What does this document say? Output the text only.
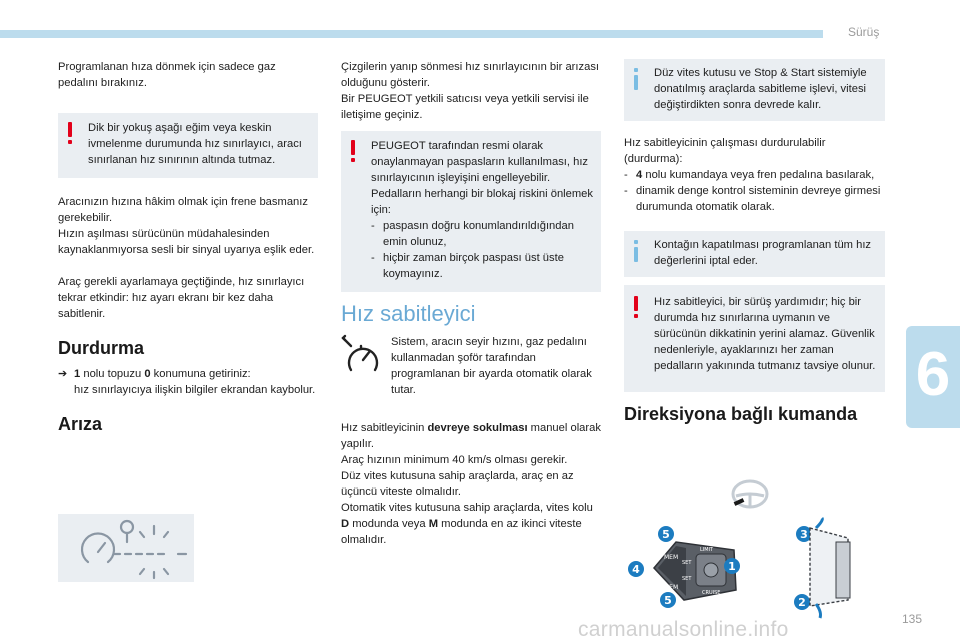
Sürüş
6

Programlanan hıza dönmek için sadece gaz pedalını bırakınız.

Dik bir yokuş aşağı eğim veya keskin ivmelenme durumunda hız sınırlayıcı, aracı sınırlanan hız sınırının altında tutmaz.

Aracınızın hızına hâkim olmak için frene basmanız gerekebilir.

Hızın aşılması sürücünün müdahalesinden kaynaklanmıyorsa sesli bir sinyal uyarıya eşlik eder.

Araç gerekli ayarlamaya geçtiğinde, hız sınırlayıcı tekrar etkindir: hız ayarı ekranı bir kez daha sabitlenir.

Durdurma
➔ 1 nolu topuzu 0 konumuna getiriniz:
hız sınırlayıcıya ilişkin bilgiler ekrandan kaybolur.

Arıza

Çizgilerin yanıp sönmesi hız sınırlayıcının bir arızası olduğunu gösterir.

Bir PEUGEOT yetkili satıcısı veya yetkili servisi ile iletişime geçiniz.

PEUGEOT tarafından resmi olarak onaylanmayan paspasların kullanılması, hız sınırlayıcının işleyişini engelleyebilir.

Pedalların herhangi bir blokaj riskini önlemek için:

- paspasın doğru konumlandırıldığından emin olunuz,

- hiçbir zaman birçok paspası üst üste koymayınız.

Hız sabitleyici

Sistem, aracın seyir hızını, gaz pedalını kullanmadan şoför tarafından programlanan bir ayarda otomatik olarak tutar.

Hız sabitleyicinin devreye sokulması manuel olarak yapılır.

Araç hızının minimum 40 km/s olması gerekir.

Düz vites kutusuna sahip araçlarda, araç en az üçüncü viteste olmalıdır.

Otomatik vites kutusuna sahip araçlarda, vites kolu D modunda veya M modunda en az ikinci viteste olmalıdır.

Düz vites kutusu ve Stop & Start sistemiyle donatılmış araçlarda sabitleme işlevi, vitesi değiştirdikten sonra devrede kalır.

Hız sabitleyicinin çalışması durdurulabilir (durdurma):

- 4 nolu kumandaya veya fren pedalına basılarak,

- dinamik denge kontrol sisteminin devreye girmesi durumunda otomatik olarak.

Kontağın kapatılması programlanan tüm hız değerlerini iptal eder.

Hız sabitleyici, bir sürüş yardımıdır; hiç bir durumda hız sınırlarına uymanın ve sürücünün dikkatinin yerini alamaz. Güvenlik nedenleriyle, ayaklarınızı her zaman pedalların yakınında tutmanız tavsiye olunur.

Direksiyona bağlı kumanda
MEM
MEM
LIMIT
CRUISE
SET
SET
5
4
5
3
2
1
carmanualsonline.info	135
